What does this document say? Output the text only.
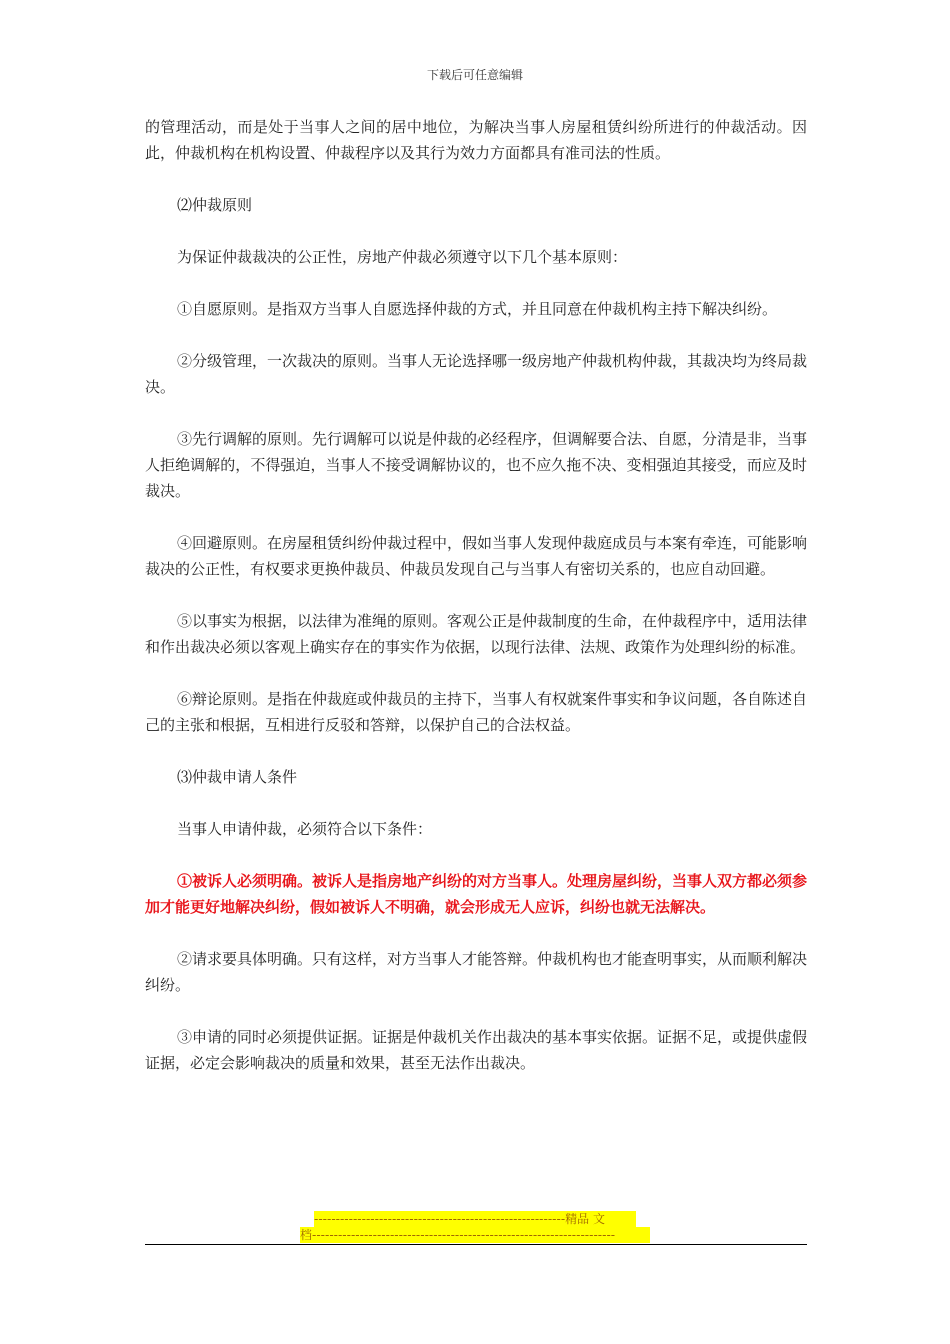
下载后可任意编辑

的管理活动，而是处于当事人之间的居中地位，为解决当事人房屋租赁纠纷所进行的仲裁活动。因此，仲裁机构在机构设置、仲裁程序以及其行为效力方面都具有准司法的性质。

⑵仲裁原则

为保证仲裁裁决的公正性，房地产仲裁必须遵守以下几个基本原则：

①自愿原则。是指双方当事人自愿选择仲裁的方式，并且同意在仲裁机构主持下解决纠纷。

②分级管理，一次裁决的原则。当事人无论选择哪一级房地产仲裁机构仲裁，其裁决均为终局裁决。

③先行调解的原则。先行调解可以说是仲裁的必经程序，但调解要合法、自愿，分清是非，当事人拒绝调解的，不得强迫，当事人不接受调解协议的，也不应久拖不决、变相强迫其接受，而应及时裁决。

④回避原则。在房屋租赁纠纷仲裁过程中，假如当事人发现仲裁庭成员与本案有牵连，可能影响裁决的公正性，有权要求更换仲裁员、仲裁员发现自己与当事人有密切关系的，也应自动回避。

⑤以事实为根据，以法律为准绳的原则。客观公正是仲裁制度的生命，在仲裁程序中，适用法律和作出裁决必须以客观上确实存在的事实作为依据，以现行法律、法规、政策作为处理纠纷的标准。

⑥辩论原则。是指在仲裁庭或仲裁员的主持下，当事人有权就案件事实和争议问题，各自陈述自己的主张和根据，互相进行反驳和答辩，以保护自己的合法权益。

⑶仲裁申请人条件

当事人申请仲裁，必须符合以下条件：

①被诉人必须明确。被诉人是指房地产纠纷的对方当事人。处理房屋纠纷，当事人双方都必须参加才能更好地解决纠纷，假如被诉人不明确，就会形成无人应诉，纠纷也就无法解决。

②请求要具体明确。只有这样，对方当事人才能答辩。仲裁机构也才能查明事实，从而顺利解决纠纷。

③申请的同时必须提供证据。证据是仲裁机关作出裁决的基本事实依据。证据不足，或提供虚假证据，必定会影响裁决的质量和效果，甚至无法作出裁决。

----------------------------------------------------------精品 文
档----------------------------------------------------------------------
